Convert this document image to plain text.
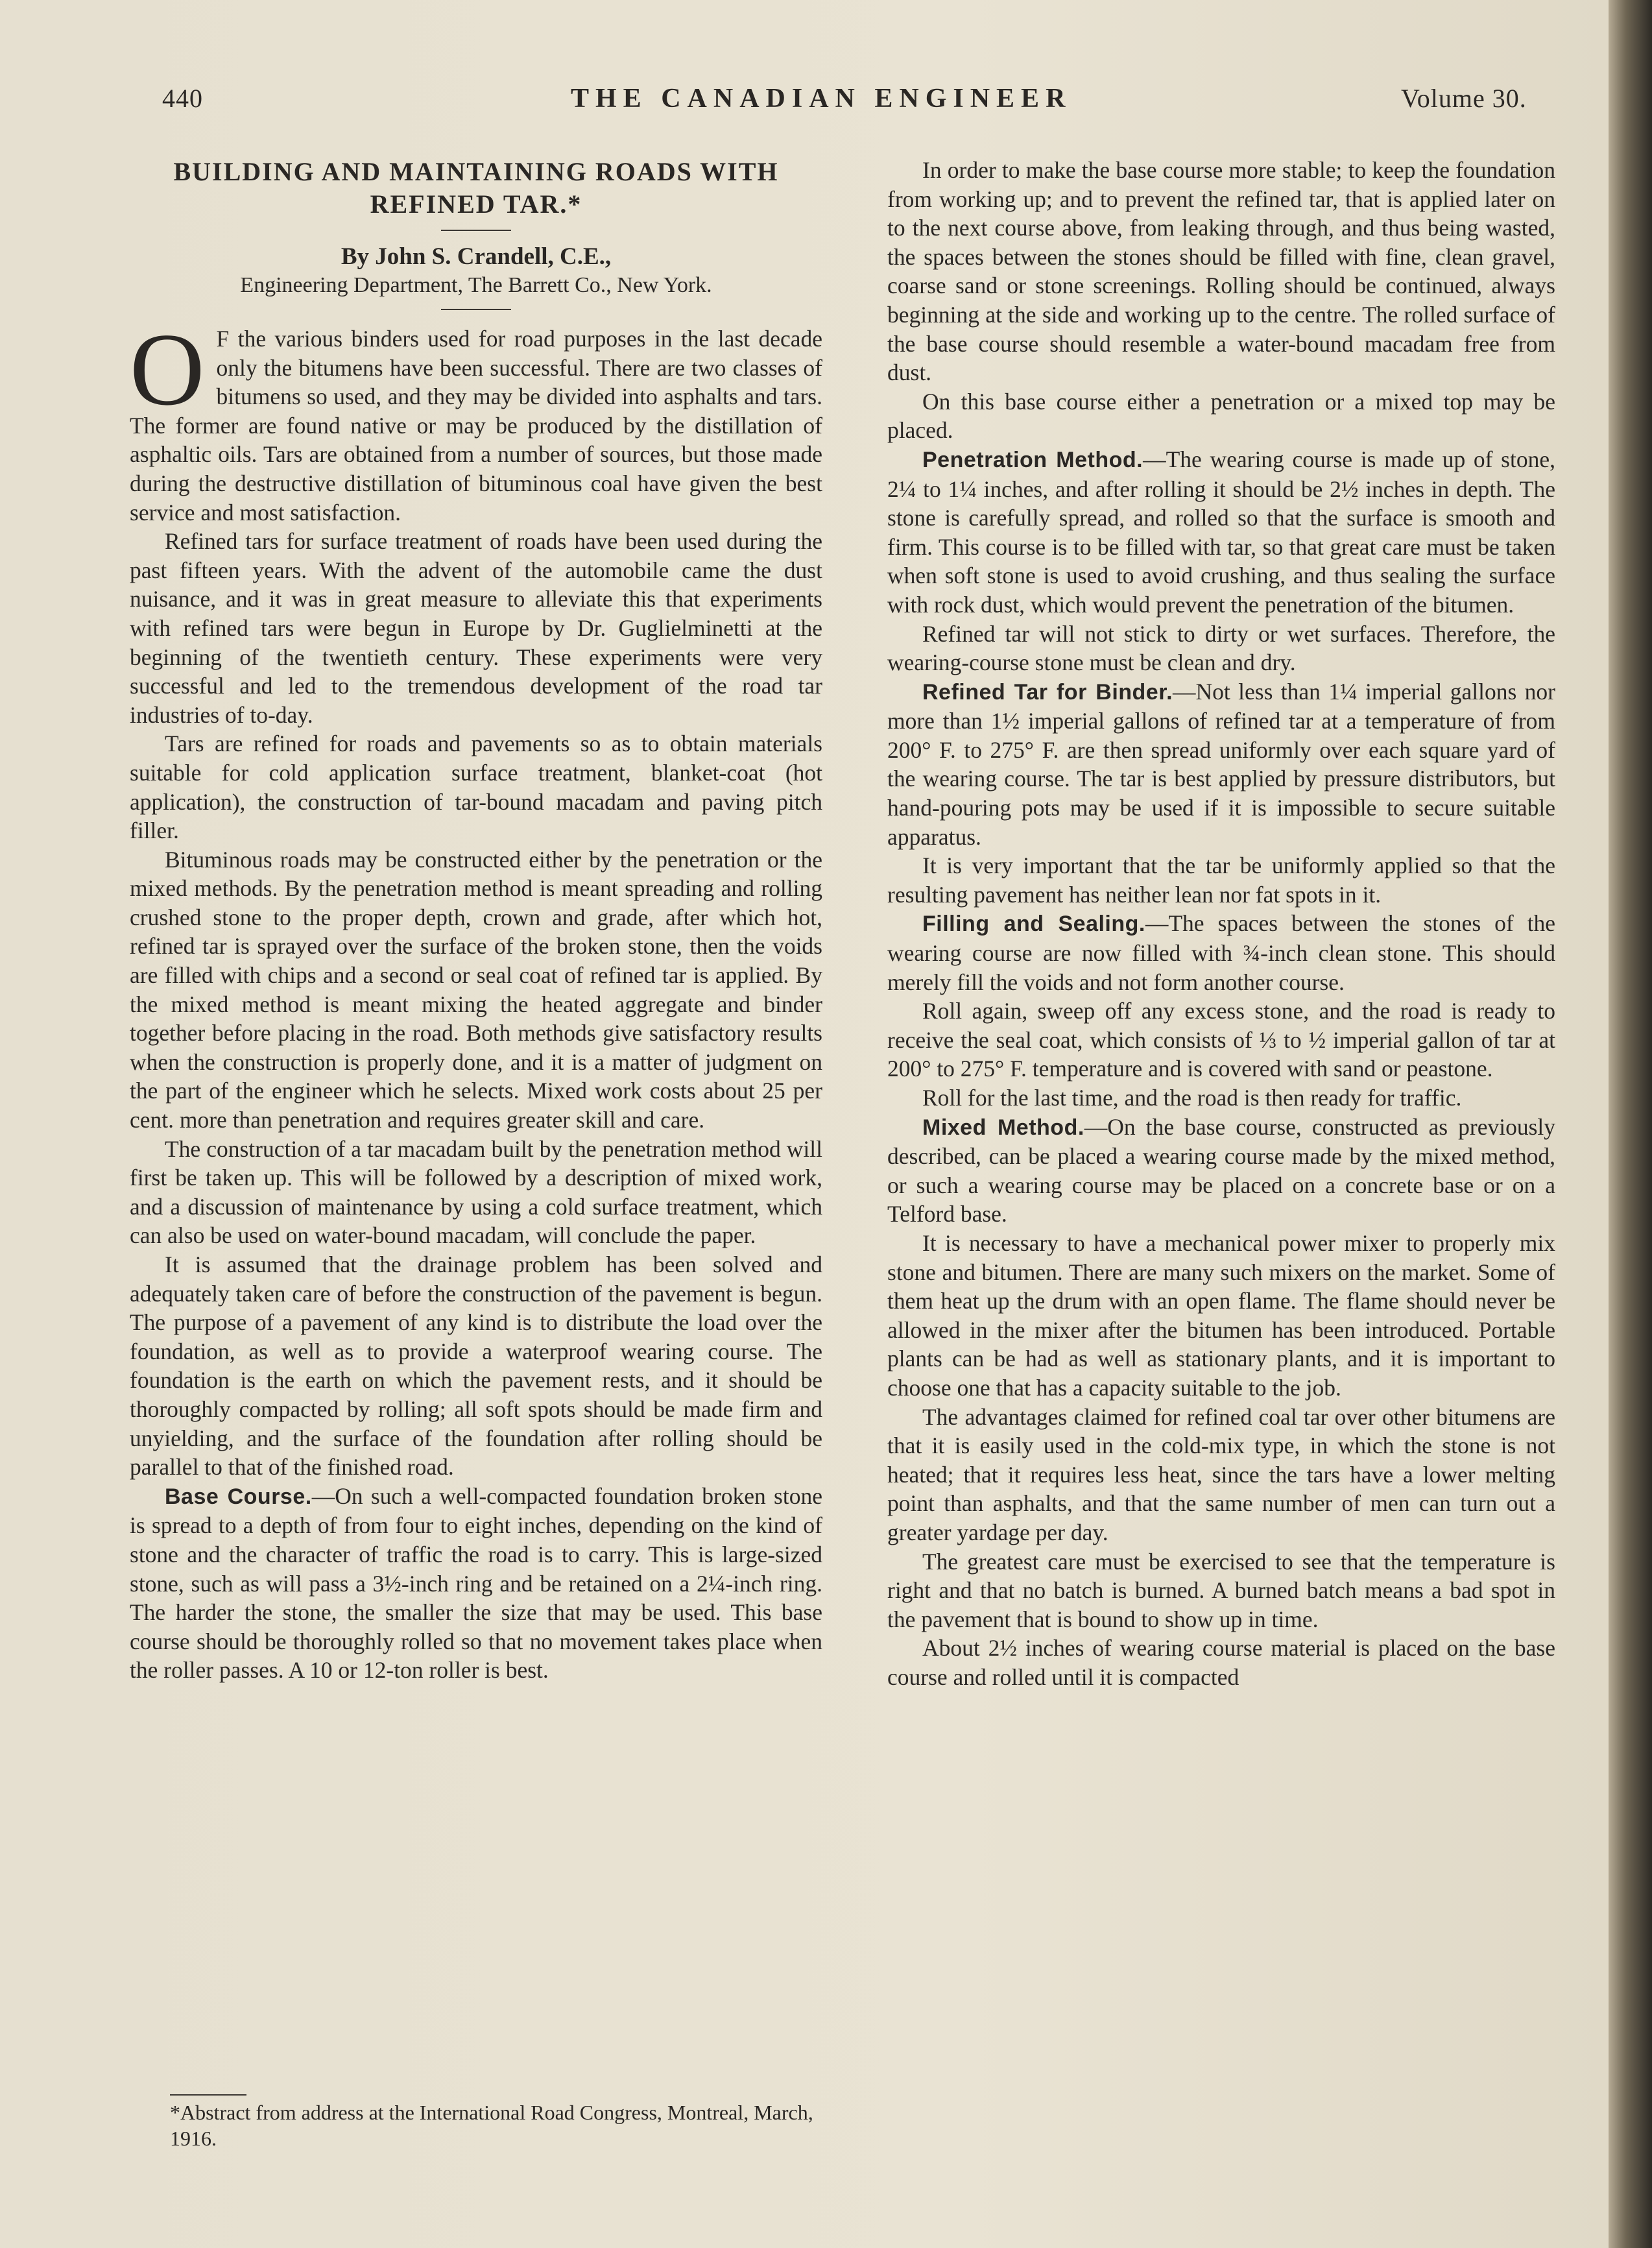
440	THE CANADIAN ENGINEER	Volume 30.
BUILDING AND MAINTAINING ROADS WITH
REFINED TAR.*
By John S. Crandell, C.E.,
Engineering Department, The Barrett Co., New York.

O F the various binders used for road purposes in the last decade only the bitumens have been successful. There are two classes of bitumens so used, and they may be divided into asphalts and tars. The former are found native or may be produced by the distillation of asphaltic oils. Tars are obtained from a number of sources, but those made during the destructive distillation of bituminous coal have given the best service and most satisfaction.

Refined tars for surface treatment of roads have been used during the past fifteen years. With the advent of the automobile came the dust nuisance, and it was in great measure to alleviate this that experiments with refined tars were begun in Europe by Dr. Guglielminetti at the beginning of the twentieth century. These experiments were very successful and led to the tremendous development of the road tar industries of to-day.

Tars are refined for roads and pavements so as to obtain materials suitable for cold application surface treatment, blanket-coat (hot application), the construction of tar-bound macadam and paving pitch filler.

Bituminous roads may be constructed either by the penetration or the mixed methods. By the penetration method is meant spreading and rolling crushed stone to the proper depth, crown and grade, after which hot, refined tar is sprayed over the surface of the broken stone, then the voids are filled with chips and a second or seal coat of refined tar is applied. By the mixed method is meant mixing the heated aggregate and binder together before placing in the road. Both methods give satisfactory results when the construction is properly done, and it is a matter of judgment on the part of the engineer which he selects. Mixed work costs about 25 per cent. more than penetration and requires greater skill and care.

The construction of a tar macadam built by the penetration method will first be taken up. This will be followed by a description of mixed work, and a discussion of maintenance by using a cold surface treatment, which can also be used on water-bound macadam, will conclude the paper.

It is assumed that the drainage problem has been solved and adequately taken care of before the construction of the pavement is begun. The purpose of a pavement of any kind is to distribute the load over the foundation, as well as to provide a waterproof wearing course. The foundation is the earth on which the pavement rests, and it should be thoroughly compacted by rolling; all soft spots should be made firm and unyielding, and the surface of the foundation after rolling should be parallel to that of the finished road.

Base Course.—On such a well-compacted foundation broken stone is spread to a depth of from four to eight inches, depending on the kind of stone and the character of traffic the road is to carry. This is large-sized stone, such as will pass a 3½-inch ring and be retained on a 2¼-inch ring. The harder the stone, the smaller the size that may be used. This base course should be thoroughly rolled so that no movement takes place when the roller passes. A 10 or 12-ton roller is best.

*Abstract from address at the International Road Congress, Montreal, March, 1916.

In order to make the base course more stable; to keep the foundation from working up; and to prevent the refined tar, that is applied later on to the next course above, from leaking through, and thus being wasted, the spaces between the stones should be filled with fine, clean gravel, coarse sand or stone screenings. Rolling should be continued, always beginning at the side and working up to the centre. The rolled surface of the base course should resemble a water-bound macadam free from dust.

On this base course either a penetration or a mixed top may be placed.

Penetration Method.—The wearing course is made up of stone, 2¼ to 1¼ inches, and after rolling it should be 2½ inches in depth. The stone is carefully spread, and rolled so that the surface is smooth and firm. This course is to be filled with tar, so that great care must be taken when soft stone is used to avoid crushing, and thus sealing the surface with rock dust, which would prevent the penetration of the bitumen.

Refined tar will not stick to dirty or wet surfaces. Therefore, the wearing-course stone must be clean and dry.

Refined Tar for Binder.—Not less than 1¼ imperial gallons nor more than 1½ imperial gallons of refined tar at a temperature of from 200° F. to 275° F. are then spread uniformly over each square yard of the wearing course. The tar is best applied by pressure distributors, but hand-pouring pots may be used if it is impossible to secure suitable apparatus.

It is very important that the tar be uniformly applied so that the resulting pavement has neither lean nor fat spots in it.

Filling and Sealing.—The spaces between the stones of the wearing course are now filled with ¾-inch clean stone. This should merely fill the voids and not form another course.

Roll again, sweep off any excess stone, and the road is ready to receive the seal coat, which consists of ⅓ to ½ imperial gallon of tar at 200° to 275° F. temperature and is covered with sand or peastone.

Roll for the last time, and the road is then ready for traffic.

Mixed Method.—On the base course, constructed as previously described, can be placed a wearing course made by the mixed method, or such a wearing course may be placed on a concrete base or on a Telford base.

It is necessary to have a mechanical power mixer to properly mix stone and bitumen. There are many such mixers on the market. Some of them heat up the drum with an open flame. The flame should never be allowed in the mixer after the bitumen has been introduced. Portable plants can be had as well as stationary plants, and it is important to choose one that has a capacity suitable to the job.

The advantages claimed for refined coal tar over other bitumens are that it is easily used in the cold-mix type, in which the stone is not heated; that it requires less heat, since the tars have a lower melting point than asphalts, and that the same number of men can turn out a greater yardage per day.

The greatest care must be exercised to see that the temperature is right and that no batch is burned. A burned batch means a bad spot in the pavement that is bound to show up in time.

About 2½ inches of wearing course material is placed on the base course and rolled until it is compacted
